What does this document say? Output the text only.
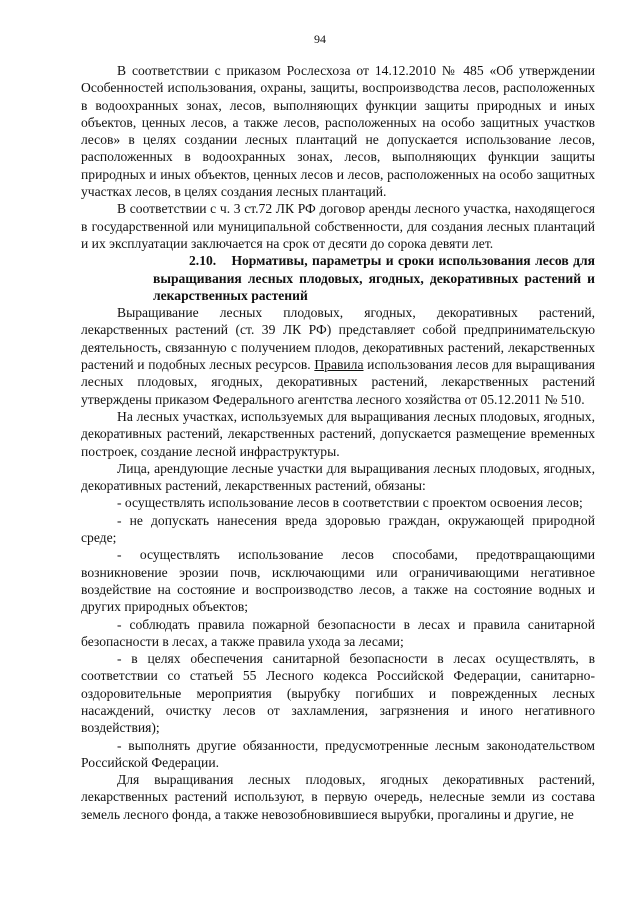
94

В соответствии с приказом Рослесхоза от 14.12.2010 № 485 «Об утверждении Особенностей использования, охраны, защиты, воспроизводства лесов, расположенных в водоохранных зонах, лесов, выполняющих функции защиты природных и иных объектов, ценных лесов, а также лесов, расположенных на особо защитных участков лесов» в целях создании лесных плантаций не допускается использование лесов, расположенных в водоохранных зонах, лесов, выполняющих функции защиты природных и иных объектов, ценных лесов и лесов, расположенных на особо защитных участках лесов, в целях создания лесных плантаций.

В соответствии с ч. 3 ст.72 ЛК РФ договор аренды лесного участка, находящегося в государственной или муниципальной собственности, для создания лесных плантаций и их эксплуатации заключается на срок от десяти до сорока девяти лет.

2.10. Нормативы, параметры и сроки использования лесов для выращивания лесных плодовых, ягодных, декоративных растений и лекарственных растений

Выращивание лесных плодовых, ягодных, декоративных растений, лекарственных растений (ст. 39 ЛК РФ) представляет собой предпринимательскую деятельность, связанную с получением плодов, декоративных растений, лекарственных растений и подобных лесных ресурсов. Правила использования лесов для выращивания лесных плодовых, ягодных, декоративных растений, лекарственных растений утверждены приказом Федерального агентства лесного хозяйства от 05.12.2011 № 510.

На лесных участках, используемых для выращивания лесных плодовых, ягодных, декоративных растений, лекарственных растений, допускается размещение временных построек, создание лесной инфраструктуры.

Лица, арендующие лесные участки для выращивания лесных плодовых, ягодных, декоративных растений, лекарственных растений, обязаны:

- осуществлять использование лесов в соответствии с проектом освоения лесов;

- не допускать нанесения вреда здоровью граждан, окружающей природной среде;

- осуществлять использование лесов способами, предотвращающими возникновение эрозии почв, исключающими или ограничивающими негативное воздействие на состояние и воспроизводство лесов, а также на состояние водных и других природных объектов;

- соблюдать правила пожарной безопасности в лесах и правила санитарной безопасности в лесах, а также правила ухода за лесами;

- в целях обеспечения санитарной безопасности в лесах осуществлять, в соответствии со статьей 55 Лесного кодекса Российской Федерации, санитарно-оздоровительные мероприятия (вырубку погибших и поврежденных лесных насаждений, очистку лесов от захламления, загрязнения и иного негативного воздействия);

- выполнять другие обязанности, предусмотренные лесным законодательством Российской Федерации.

Для выращивания лесных плодовых, ягодных декоративных растений, лекарственных растений используют, в первую очередь, нелесные земли из состава земель лесного фонда, а также невозобновившиеся вырубки, прогалины и другие, не
